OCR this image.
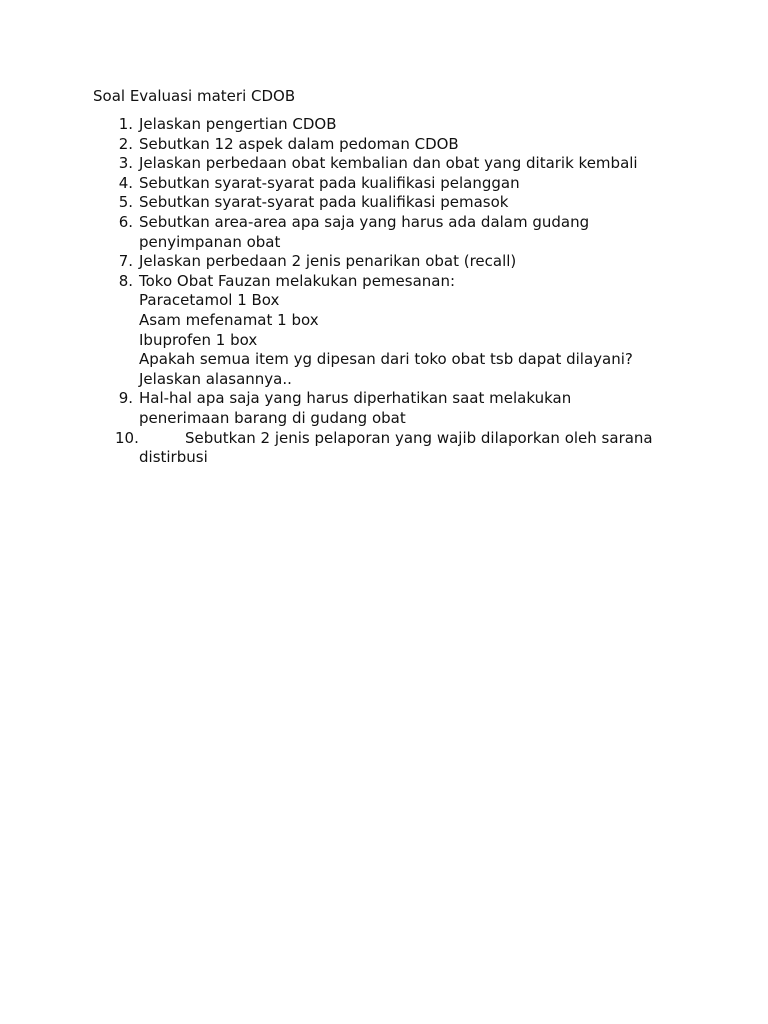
Soal Evaluasi materi CDOB
1. Jelaskan pengertian CDOB
2. Sebutkan 12 aspek dalam pedoman CDOB
3. Jelaskan perbedaan obat kembalian dan obat yang ditarik kembali
4. Sebutkan syarat-syarat pada kualifikasi pelanggan
5. Sebutkan syarat-syarat pada kualifikasi pemasok
6. Sebutkan area-area apa saja yang harus ada dalam gudang
penyimpanan obat
7. Jelaskan perbedaan 2 jenis penarikan obat (recall)
8. Toko Obat Fauzan melakukan pemesanan:
Paracetamol 1 Box
Asam mefenamat 1 box
Ibuprofen 1 box
Apakah semua item yg dipesan dari toko obat tsb dapat dilayani?
Jelaskan alasannya..
9. Hal-hal apa saja yang harus diperhatikan saat melakukan
penerimaan barang di gudang obat
10.	Sebutkan 2 jenis pelaporan yang wajib dilaporkan oleh sarana
distirbusi
